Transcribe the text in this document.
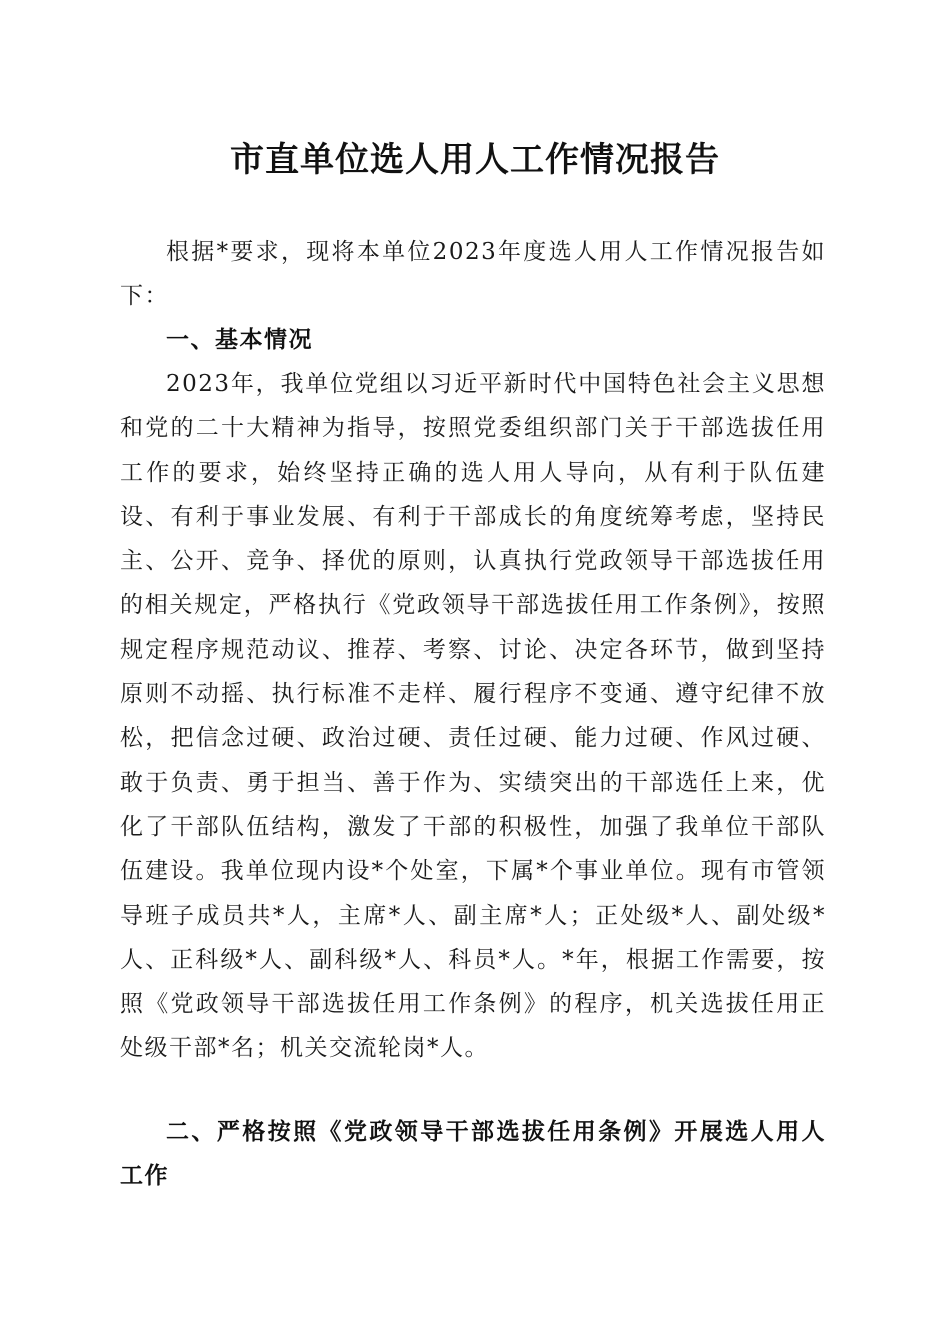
市直单位选人用人工作情况报告
根据*要求，现将本单位2023年度选人用人工作情况报告如下：
一、基本情况
2023年，我单位党组以习近平新时代中国特色社会主义思想和党的二十大精神为指导，按照党委组织部门关于干部选拔任用工作的要求，始终坚持正确的选人用人导向，从有利于队伍建设、有利于事业发展、有利于干部成长的角度统筹考虑，坚持民主、公开、竞争、择优的原则，认真执行党政领导干部选拔任用的相关规定，严格执行《党政领导干部选拔任用工作条例》，按照规定程序规范动议、推荐、考察、讨论、决定各环节，做到坚持原则不动摇、执行标准不走样、履行程序不变通、遵守纪律不放松，把信念过硬、政治过硬、责任过硬、能力过硬、作风过硬、敢于负责、勇于担当、善于作为、实绩突出的干部选任上来，优化了干部队伍结构，激发了干部的积极性，加强了我单位干部队伍建设。我单位现内设*个处室，下属*个事业单位。现有市管领导班子成员共*人，主席*人、副主席*人；正处级*人、副处级*人、正科级*人、副科级*人、科员*人。*年，根据工作需要，按照《党政领导干部选拔任用工作条例》的程序，机关选拔任用正处级干部*名；机关交流轮岗*人。
二、严格按照《党政领导干部选拔任用条例》开展选人用人工作
